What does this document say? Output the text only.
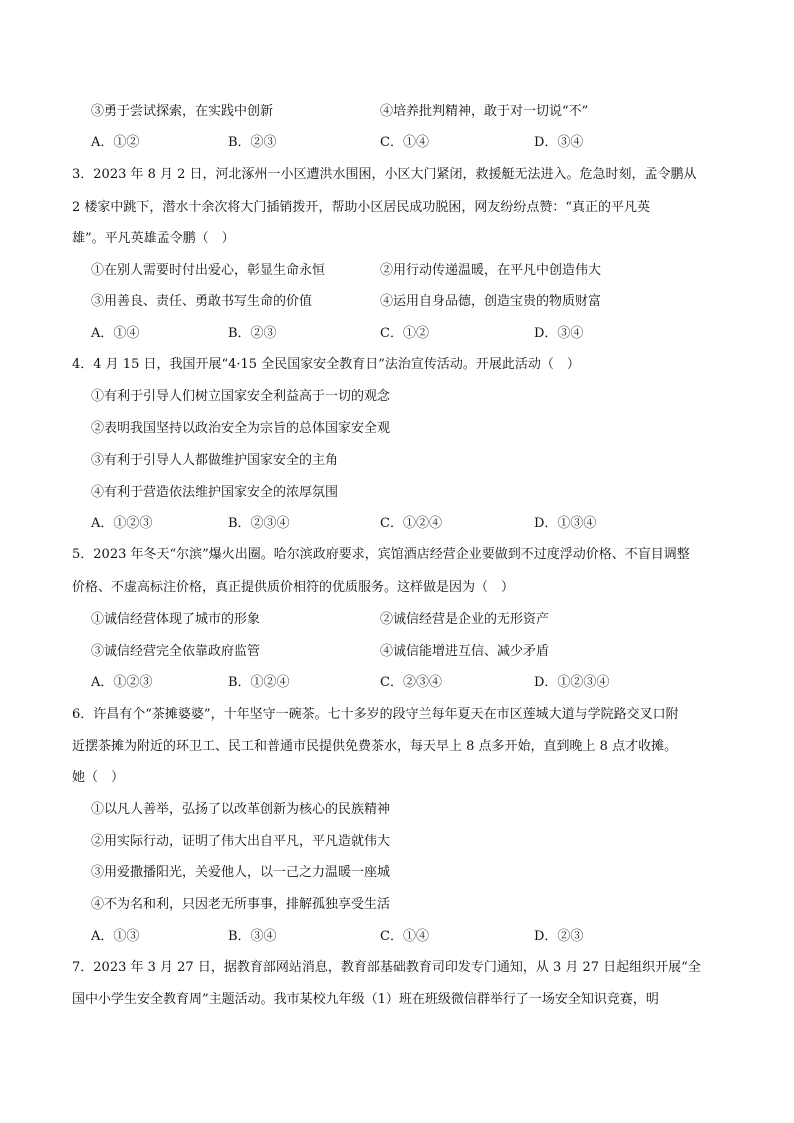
③勇于尝试探索，在实践中创新	④培养批判精神，敢于对一切说“不”
A．①②	B．②③	C．①④	D．③④
3．2023 年 8 月 2 日，河北涿州一小区遭洪水围困，小区大门紧闭，救援艇无法进入。危急时刻，孟令鹏从
2 楼家中跳下，潜水十余次将大门插销拨开，帮助小区居民成功脱困，网友纷纷点赞：“真正的平凡英
雄”。平凡英雄孟令鹏（　）
①在别人需要时付出爱心，彰显生命永恒	②用行动传递温暖，在平凡中创造伟大
③用善良、责任、勇敢书写生命的价值	④运用自身品德，创造宝贵的物质财富
A．①④	B．②③	C．①②	D．③④
4．4 月 15 日，我国开展“4·15 全民国家安全教育日”法治宣传活动。开展此活动（　）
①有利于引导人们树立国家安全利益高于一切的观念
②表明我国坚持以政治安全为宗旨的总体国家安全观
③有利于引导人人都做维护国家安全的主角
④有利于营造依法维护国家安全的浓厚氛围
A．①②③	B．②③④	C．①②④	D．①③④
5．2023 年冬天“尔滨”爆火出圈。哈尔滨政府要求，宾馆酒店经营企业要做到不过度浮动价格、不盲目调整
价格、不虚高标注价格，真正提供质价相符的优质服务。这样做是因为（　）
①诚信经营体现了城市的形象	②诚信经营是企业的无形资产
③诚信经营完全依靠政府监管	④诚信能增进互信、减少矛盾
A．①②③	B．①②④	C．②③④	D．①②③④
6．许昌有个“茶摊婆婆”，十年坚守一碗茶。七十多岁的段守兰每年夏天在市区莲城大道与学院路交叉口附
近摆茶摊为附近的环卫工、民工和普通市民提供免费茶水，每天早上 8 点多开始，直到晚上 8 点才收摊。
她（　）
①以凡人善举，弘扬了以改革创新为核心的民族精神
②用实际行动，证明了伟大出自平凡，平凡造就伟大
③用爱撒播阳光，关爱他人，以一己之力温暖一座城
④不为名和利，只因老无所事事，排解孤独享受生活
A．①③	B．③④	C．①④	D．②③
7．2023 年 3 月 27 日，据教育部网站消息，教育部基础教育司印发专门通知，从 3 月 27 日起组织开展“全
国中小学生安全教育周”主题活动。我市某校九年级（1）班在班级微信群举行了一场安全知识竞赛，明
